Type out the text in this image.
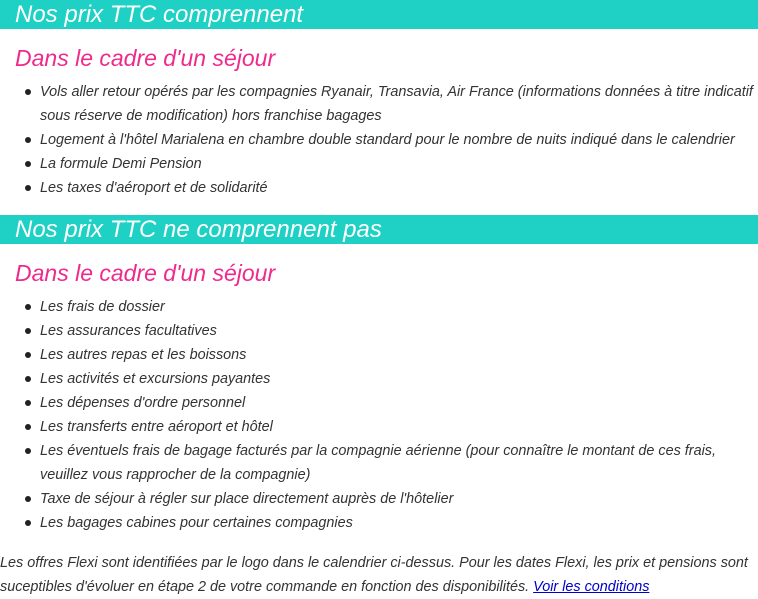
Nos prix TTC comprennent
Dans le cadre d'un séjour
Vols aller retour opérés par les compagnies Ryanair, Transavia, Air France (informations données à titre indicatif sous réserve de modification) hors franchise bagages
Logement à l'hôtel Marialena en chambre double standard pour le nombre de nuits indiqué dans le calendrier
La formule Demi Pension
Les taxes d'aéroport et de solidarité
Nos prix TTC ne comprennent pas
Dans le cadre d'un séjour
Les frais de dossier
Les assurances facultatives
Les autres repas et les boissons
Les activités et excursions payantes
Les dépenses d'ordre personnel
Les transferts entre aéroport et hôtel
Les éventuels frais de bagage facturés par la compagnie aérienne (pour connaître le montant de ces frais, veuillez vous rapprocher de la compagnie)
Taxe de séjour à régler sur place directement auprès de l'hôtelier
Les bagages cabines pour certaines compagnies
Les offres Flexi sont identifiées par le logo dans le calendrier ci-dessus. Pour les dates Flexi, les prix et pensions sont suceptibles d'évoluer en étape 2 de votre commande en fonction des disponibilités. Voir les conditions
